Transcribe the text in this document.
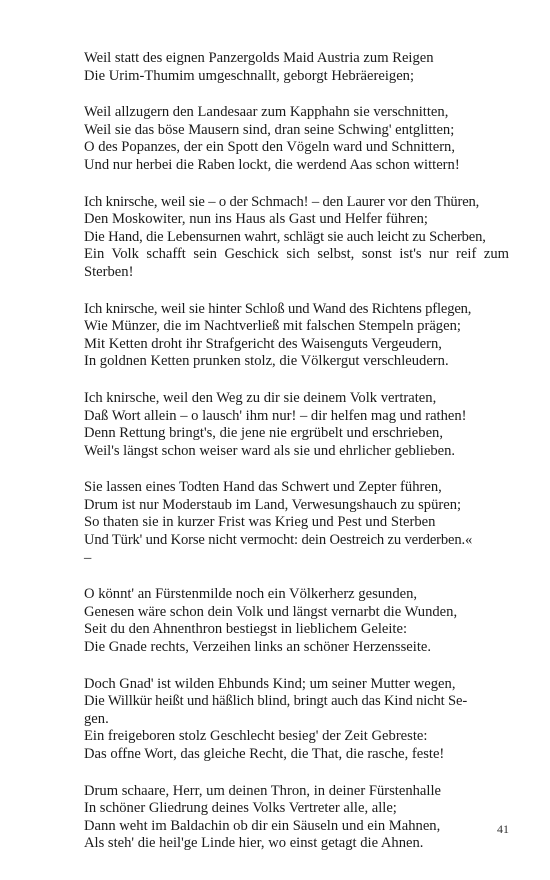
Weil statt des eignen Panzergolds Maid Austria zum Reigen
Die Urim-Thumim umgeschnallt, geborgt Hebräereigen;
Weil allzugern den Landesaar zum Kapphahn sie verschnitten,
Weil sie das böse Mausern sind, dran seine Schwing' entglitten;
O des Popanzes, der ein Spott den Vögeln ward und Schnittern,
Und nur herbei die Raben lockt, die werdend Aas schon wittern!
Ich knirsche, weil sie – o der Schmach! – den Laurer vor den Thüren,
Den Moskowiter, nun ins Haus als Gast und Helfer führen;
Die Hand, die Lebensurnen wahrt, schlägt sie auch leicht zu Scherben,
Ein Volk schafft sein Geschick sich selbst, sonst ist's nur reif zum
Sterben!
Ich knirsche, weil sie hinter Schloß und Wand des Richtens pflegen,
Wie Münzer, die im Nachtverließ mit falschen Stempeln prägen;
Mit Ketten droht ihr Strafgericht des Waisenguts Vergeudern,
In goldnen Ketten prunken stolz, die Völkergut verschleudern.
Ich knirsche, weil den Weg zu dir sie deinem Volk vertraten,
Daß Wort allein – o lausch' ihm nur! – dir helfen mag und rathen!
Denn Rettung bringt's, die jene nie ergrübelt und erschrieben,
Weil's längst schon weiser ward als sie und ehrlicher geblieben.
Sie lassen eines Todten Hand das Schwert und Zepter führen,
Drum ist nur Moderstaub im Land, Verwesungshauch zu spüren;
So thaten sie in kurzer Frist was Krieg und Pest und Sterben
Und Türk' und Korse nicht vermocht: dein Oestreich zu verderben.«
–
O könnt' an Fürstenmilde noch ein Völkerherz gesunden,
Genesen wäre schon dein Volk und längst vernarbt die Wunden,
Seit du den Ahnenthron bestiegst in lieblichem Geleite:
Die Gnade rechts, Verzeihen links an schöner Herzensseite.
Doch Gnad' ist wilden Ehbunds Kind; um seiner Mutter wegen,
Die Willkür heißt und häßlich blind, bringt auch das Kind nicht Se-
gen.
Ein freigeboren stolz Geschlecht besieg' der Zeit Gebreste:
Das offne Wort, das gleiche Recht, die That, die rasche, feste!
Drum schaare, Herr, um deinen Thron, in deiner Fürstenhalle
In schöner Gliedrung deines Volks Vertreter alle, alle;
Dann weht im Baldachin ob dir ein Säuseln und ein Mahnen,
Als steh' die heil'ge Linde hier, wo einst getagt die Ahnen.
41
